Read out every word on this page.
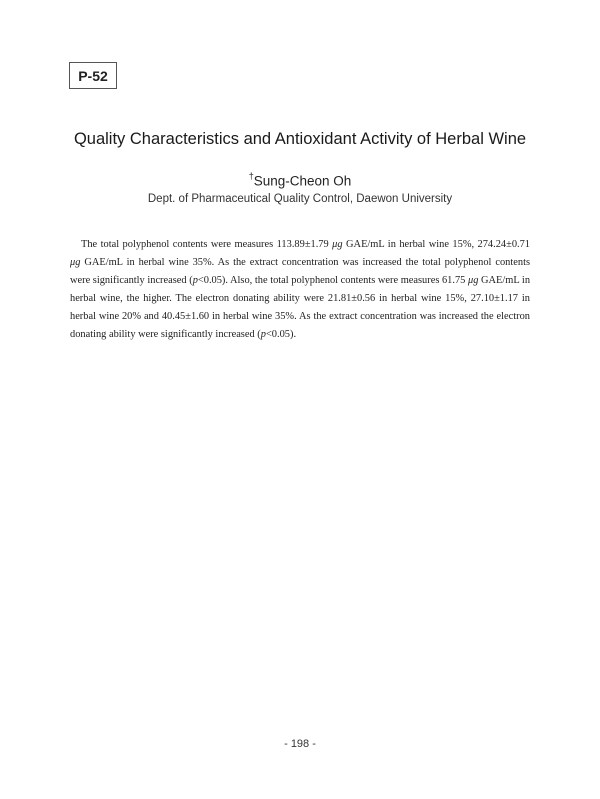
P-52
Quality Characteristics and Antioxidant Activity of Herbal Wine
†Sung-Cheon Oh
Dept. of Pharmaceutical Quality Control, Daewon University

The total polyphenol contents were measures 113.89±1.79 μg GAE/mL in herbal wine 15%, 274.24±0.71 μg GAE/mL in herbal wine 35%. As the extract concentration was increased the total polyphenol contents were significantly increased (p<0.05). Also, the total polyphenol contents were measures 61.75 μg GAE/mL in herbal wine, the higher. The electron donating ability were 21.81±0.56 in herbal wine 15%, 27.10±1.17 in herbal wine 20% and 40.45±1.60 in herbal wine 35%. As the extract concentration was increased the electron donating ability were significantly increased (p<0.05).

- 198 -
